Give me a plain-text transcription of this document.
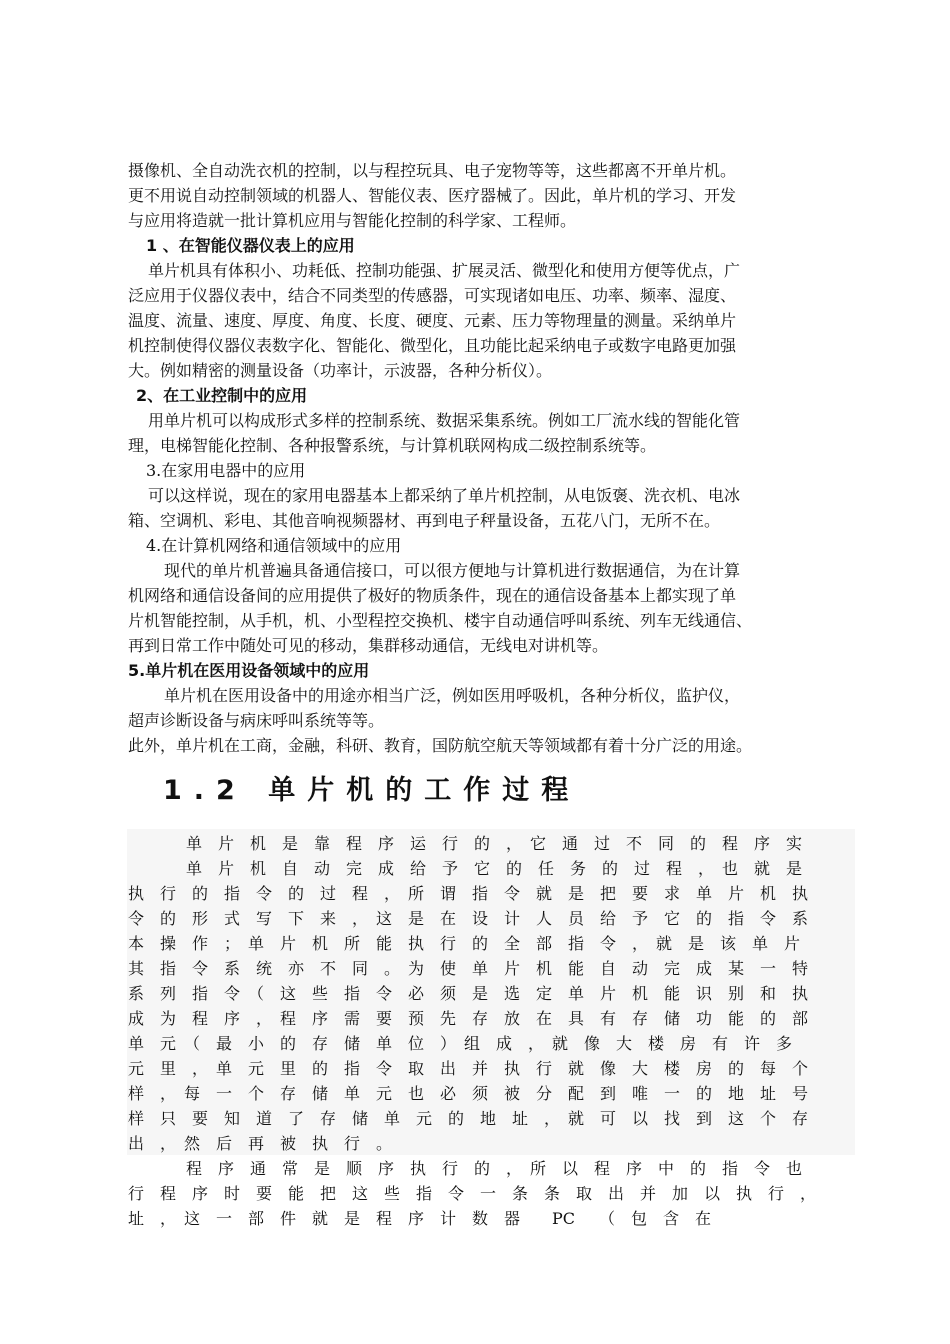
摄像机、全自动洗衣机的控制，以与程控玩具、电子宠物等等，这些都离不开单片机。
更不用说自动控制领域的机器人、智能仪表、医疗器械了。因此，单片机的学习、开发
与应用将造就一批计算机应用与智能化控制的科学家、工程师。
1 、在智能仪器仪表上的应用
单片机具有体积小、功耗低、控制功能强、扩展灵活、微型化和使用方便等优点，广
泛应用于仪器仪表中，结合不同类型的传感器，可实现诸如电压、功率、频率、湿度、
温度、流量、速度、厚度、角度、长度、硬度、元素、压力等物理量的测量。采纳单片
机控制使得仪器仪表数字化、智能化、微型化，且功能比起采纳电子或数字电路更加强
大。例如精密的测量设备（功率计，示波器，各种分析仪）。
2、在工业控制中的应用
用单片机可以构成形式多样的控制系统、数据采集系统。例如工厂流水线的智能化管
理，电梯智能化控制、各种报警系统，与计算机联网构成二级控制系统等。
3.在家用电器中的应用
可以这样说，现在的家用电器基本上都采纳了单片机控制，从电饭褒、洗衣机、电冰
箱、空调机、彩电、其他音响视频器材、再到电子秤量设备，五花八门，无所不在。
4.在计算机网络和通信领域中的应用
现代的单片机普遍具备通信接口，可以很方便地与计算机进行数据通信，为在计算
机网络和通信设备间的应用提供了极好的物质条件，现在的通信设备基本上都实现了单
片机智能控制，从手机，机、小型程控交换机、楼宇自动通信呼叫系统、列车无线通信、
再到日常工作中随处可见的移动，集群移动通信，无线电对讲机等。
5.单片机在医用设备领域中的应用
单片机在医用设备中的用途亦相当广泛，例如医用呼吸机，各种分析仪，监护仪，
超声诊断设备与病床呼叫系统等等。
此外，单片机在工商，金融，科研、教育，国防航空航天等领域都有着十分广泛的用途。
1.2 单片机的工作过程
单　片　机　是　靠　程　序　运　行　的　，　它　通　过　不　同　的　程　序　实
单　片　机　自　动　完　成　给　予　它　的　任　务　的　过　程　，　也　就　是
执　行　的　指　令　的　过　程　，　所　谓　指　令　就　是　把　要　求　单　片　机　执
令　的　形　式　写　下　来　，　这　是　在　设　计　人　员　给　予　它　的　指　令　系
本　操　作　；　单　片　机　所　能　执　行　的　全　部　指　令　，　就　是　该　单　片
其　指　令　系　统　亦　不　同　。　为　使　单　片　机　能　自　动　完　成　某　一　特
系　列　指　令　（　这　些　指　令　必　须　是　选　定　单　片　机　能　识　别　和　执
成　为　程　序　，　程　序　需　要　预　先　存　放　在　具　有　存　储　功　能　的　部
单　元　（　最　小　的　存　储　单　位　）　组　成　，　就　像　大　楼　房　有　许　多
元　里　，　单　元　里　的　指　令　取　出　并　执　行　就　像　大　楼　房　的　每　个
样　，　每　一　个　存　储　单　元　也　必　须　被　分　配　到　唯　一　的　地　址　号
样　只　要　知　道　了　存　储　单　元　的　地　址　，　就　可　以　找　到　这　个　存
出　，　然　后　再　被　执　行　。
程　序　通　常　是　顺　序　执　行　的　，　所　以　程　序　中　的　指　令　也
行　程　序　时　要　能　把　这　些　指　令　一　条　条　取　出　并　加　以　执　行　，
址　，　这　一　部　件　就　是　程　序　计　数　器　　PC　　（　包　含　在
